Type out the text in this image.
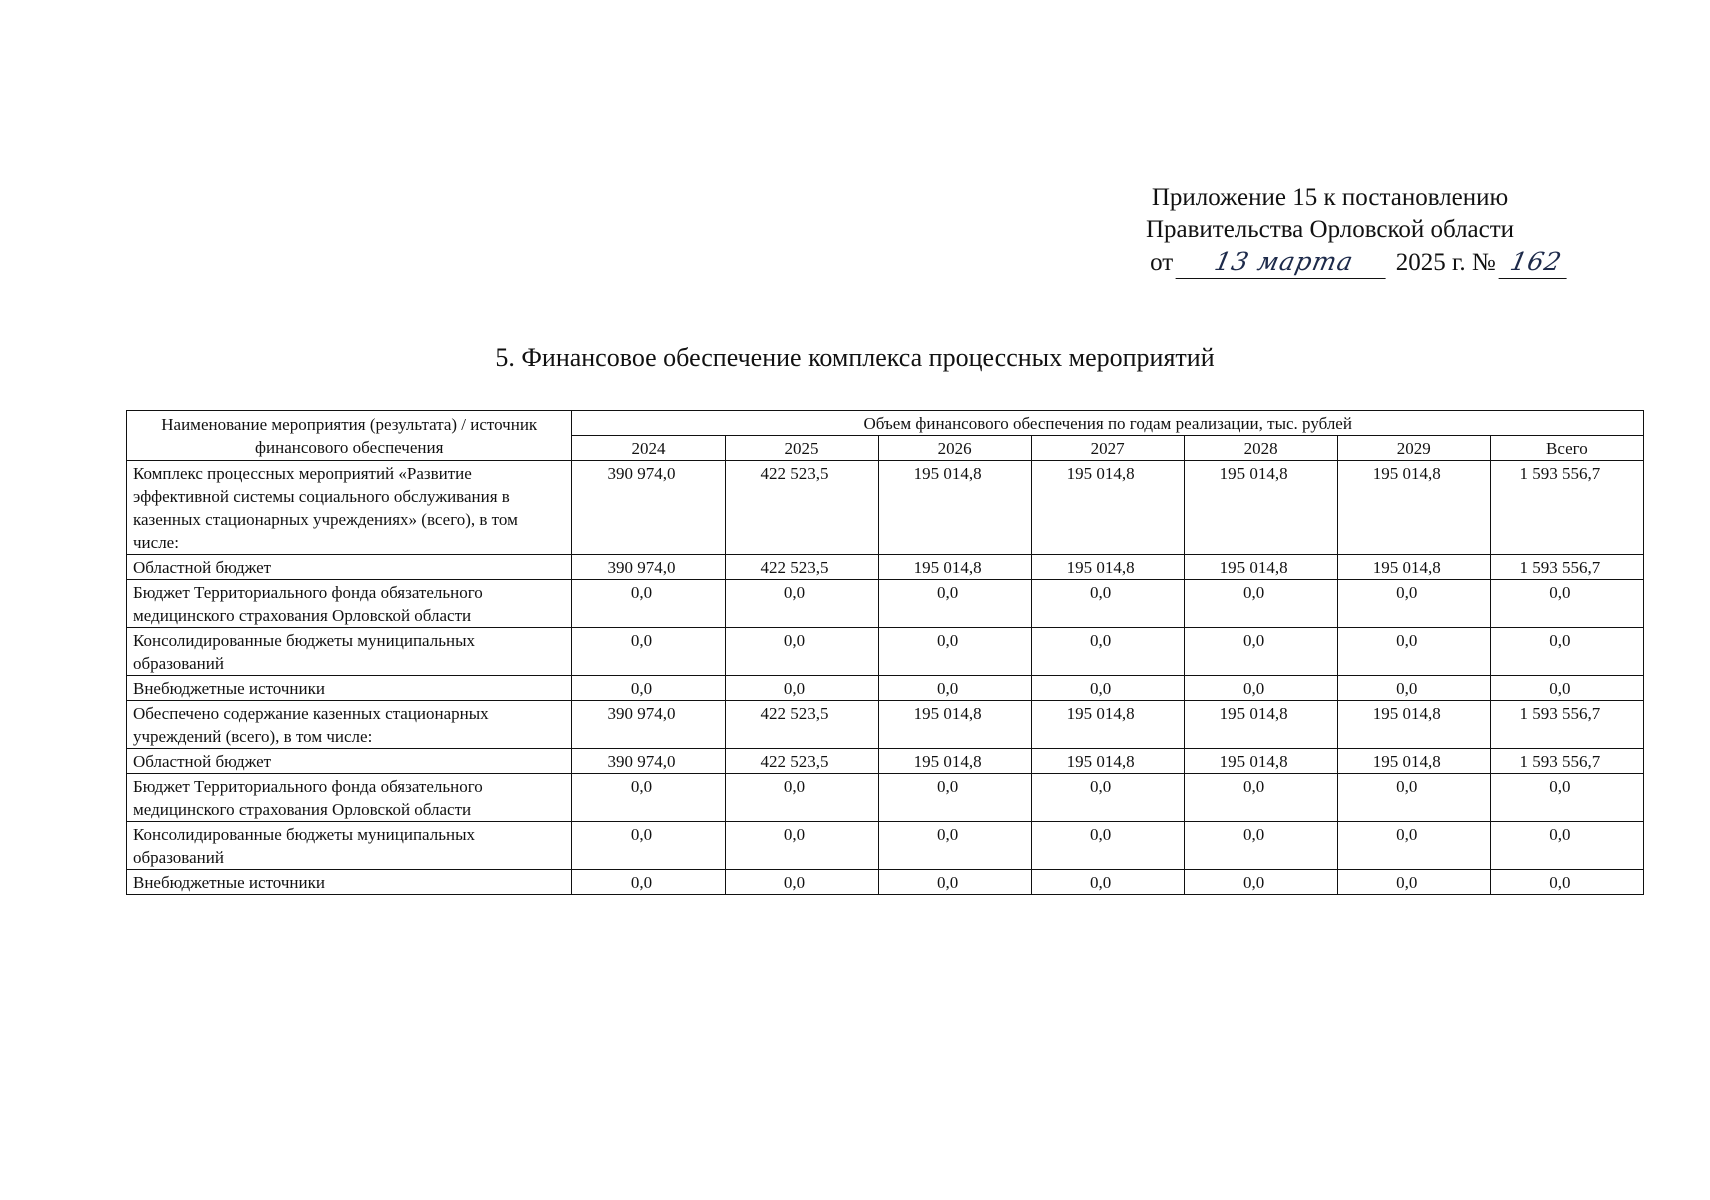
Приложение 15 к постановлению
Правительства Орловской области
от 13 марта 2025 г. № 162
5. Финансовое обеспечение комплекса процессных мероприятий
Наименование мероприятия (результата) / источник финансового обеспечения	Объем финансового обеспечения по годам реализации, тыс. рублей						
	2024	2025	2026	2027	2028	2029	Всего
Комплекс процессных мероприятий «Развитие эффективной системы социального обслуживания в казенных стационарных учреждениях» (всего), в том числе:	390 974,0	422 523,5	195 014,8	195 014,8	195 014,8	195 014,8	1 593 556,7
Областной бюджет	390 974,0	422 523,5	195 014,8	195 014,8	195 014,8	195 014,8	1 593 556,7
Бюджет Территориального фонда обязательного медицинского страхования Орловской области	0,0	0,0	0,0	0,0	0,0	0,0	0,0
Консолидированные бюджеты муниципальных образований	0,0	0,0	0,0	0,0	0,0	0,0	0,0
Внебюджетные источники	0,0	0,0	0,0	0,0	0,0	0,0	0,0
Обеспечено содержание казенных стационарных учреждений (всего), в том числе:	390 974,0	422 523,5	195 014,8	195 014,8	195 014,8	195 014,8	1 593 556,7
Областной бюджет	390 974,0	422 523,5	195 014,8	195 014,8	195 014,8	195 014,8	1 593 556,7
Бюджет Территориального фонда обязательного медицинского страхования Орловской области	0,0	0,0	0,0	0,0	0,0	0,0	0,0
Консолидированные бюджеты муниципальных образований	0,0	0,0	0,0	0,0	0,0	0,0	0,0
Внебюджетные источники	0,0	0,0	0,0	0,0	0,0	0,0	0,0
